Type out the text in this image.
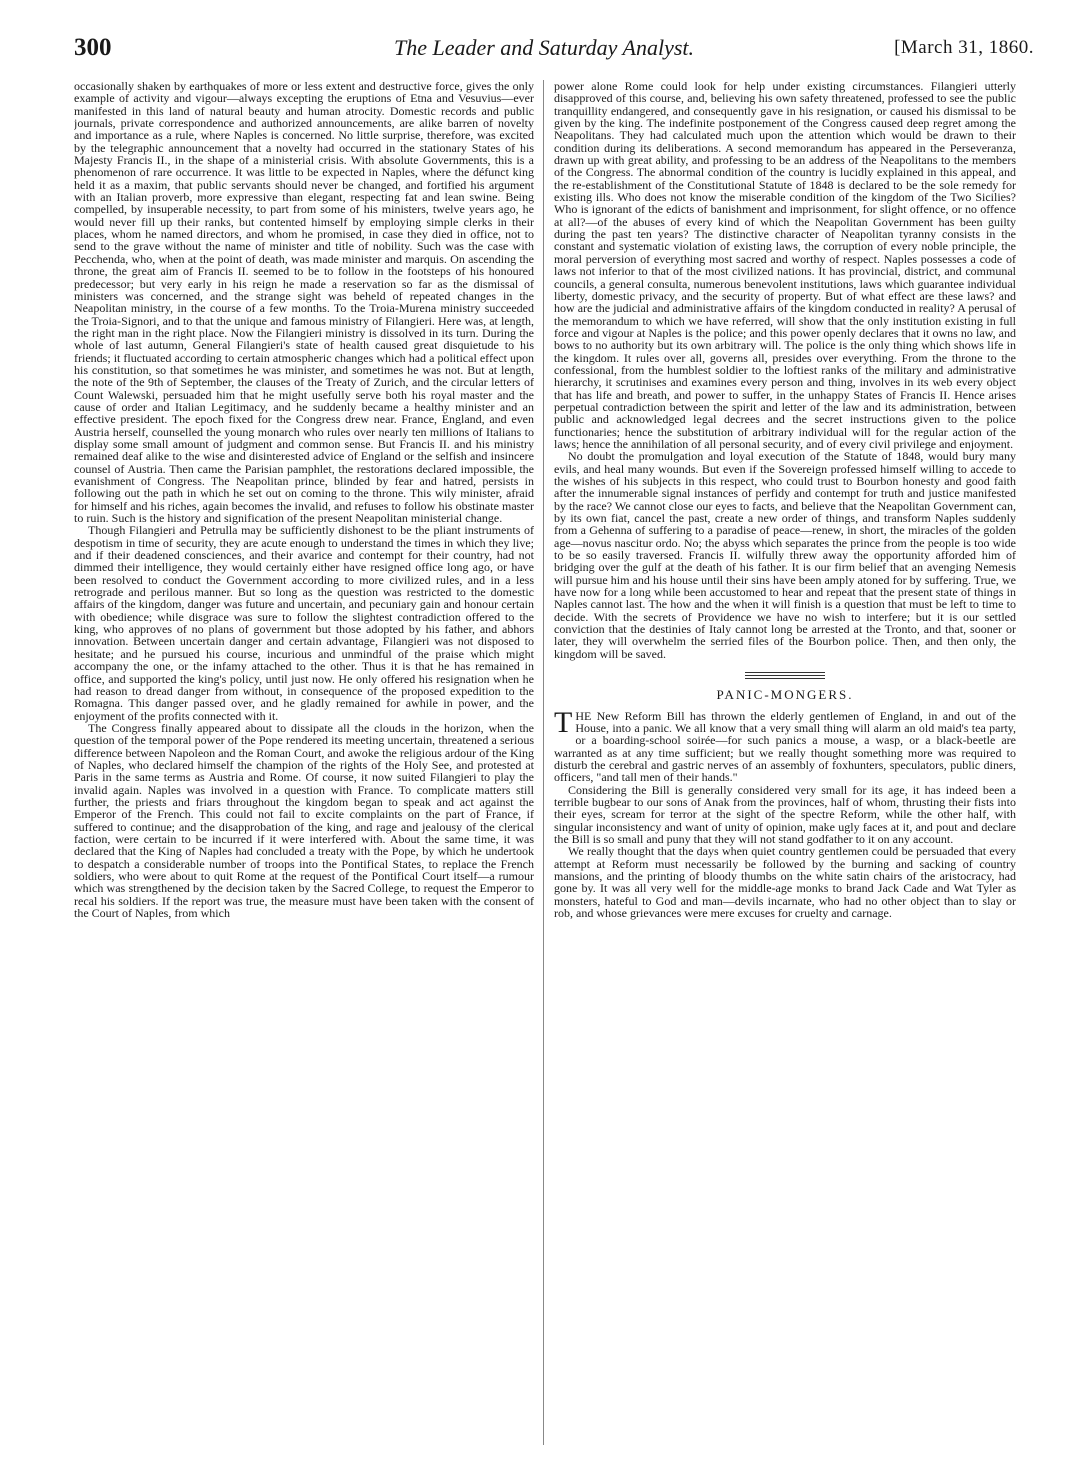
300	The Leader and Saturday Analyst.	[March 31, 1860.

occasionally shaken by earthquakes of more or less extent and destructive force, gives the only example of activity and vigour—always excepting the eruptions of Etna and Vesuvius—ever manifested in this land of natural beauty and human atrocity. Domestic records and public journals, private correspondence and authorized announcements, are alike barren of novelty and importance as a rule, where Naples is concerned. No little surprise, therefore, was excited by the telegraphic announcement that a novelty had occurred in the stationary States of his Majesty Francis II., in the shape of a ministerial crisis. With absolute Governments, this is a phenomenon of rare occurrence. It was little to be expected in Naples, where the défunct king held it as a maxim, that public servants should never be changed, and fortified his argument with an Italian proverb, more expressive than elegant, respecting fat and lean swine. Being compelled, by insuperable necessity, to part from some of his ministers, twelve years ago, he would never fill up their ranks, but contented himself by employing simple clerks in their places, whom he named directors, and whom he promised, in case they died in office, not to send to the grave without the name of minister and title of nobility. Such was the case with Pecchenda, who, when at the point of death, was made minister and marquis. On ascending the throne, the great aim of Francis II. seemed to be to follow in the footsteps of his honoured predecessor; but very early in his reign he made a reservation so far as the dismissal of ministers was concerned, and the strange sight was beheld of repeated changes in the Neapolitan ministry, in the course of a few months. To the Troia-Murena ministry succeeded the Troia-Signori, and to that the unique and famous ministry of Filangieri. Here was, at length, the right man in the right place. Now the Filangieri ministry is dissolved in its turn. During the whole of last autumn, General Filangieri's state of health caused great disquietude to his friends; it fluctuated according to certain atmospheric changes which had a political effect upon his constitution, so that sometimes he was minister, and sometimes he was not. But at length, the note of the 9th of September, the clauses of the Treaty of Zurich, and the circular letters of Count Walewski, persuaded him that he might usefully serve both his royal master and the cause of order and Italian Legitimacy, and he suddenly became a healthy minister and an effective president. The epoch fixed for the Congress drew near. France, England, and even Austria herself, counselled the young monarch who rules over nearly ten millions of Italians to display some small amount of judgment and common sense. But Francis II. and his ministry remained deaf alike to the wise and disinterested advice of England or the selfish and insincere counsel of Austria. Then came the Parisian pamphlet, the restorations declared impossible, the evanishment of Congress. The Neapolitan prince, blinded by fear and hatred, persists in following out the path in which he set out on coming to the throne. This wily minister, afraid for himself and his riches, again becomes the invalid, and refuses to follow his obstinate master to ruin. Such is the history and signification of the present Neapolitan ministerial change.

Though Filangieri and Petrulla may be sufficiently dishonest to be the pliant instruments of despotism in time of security, they are acute enough to understand the times in which they live; and if their deadened consciences, and their avarice and contempt for their country, had not dimmed their intelligence, they would certainly either have resigned office long ago, or have been resolved to conduct the Government according to more civilized rules, and in a less retrograde and perilous manner. But so long as the question was restricted to the domestic affairs of the kingdom, danger was future and uncertain, and pecuniary gain and honour certain with obedience; while disgrace was sure to follow the slightest contradiction offered to the king, who approves of no plans of government but those adopted by his father, and abhors innovation. Between uncertain danger and certain advantage, Filangieri was not disposed to hesitate; and he pursued his course, incurious and unmindful of the praise which might accompany the one, or the infamy attached to the other. Thus it is that he has remained in office, and supported the king's policy, until just now. He only offered his resignation when he had reason to dread danger from without, in consequence of the proposed expedition to the Romagna. This danger passed over, and he gladly remained for awhile in power, and the enjoyment of the profits connected with it.

The Congress finally appeared about to dissipate all the clouds in the horizon, when the question of the temporal power of the Pope rendered its meeting uncertain, threatened a serious difference between Napoleon and the Roman Court, and awoke the religious ardour of the King of Naples, who declared himself the champion of the rights of the Holy See, and protested at Paris in the same terms as Austria and Rome. Of course, it now suited Filangieri to play the invalid again. Naples was involved in a question with France. To complicate matters still further, the priests and friars throughout the kingdom began to speak and act against the Emperor of the French. This could not fail to excite complaints on the part of France, if suffered to continue; and the disapprobation of the king, and rage and jealousy of the clerical faction, were certain to be incurred if it were interfered with. About the same time, it was declared that the King of Naples had concluded a treaty with the Pope, by which he undertook to despatch a considerable number of troops into the Pontifical States, to replace the French soldiers, who were about to quit Rome at the request of the Pontifical Court itself—a rumour which was strengthened by the decision taken by the Sacred College, to request the Emperor to recal his soldiers. If the report was true, the measure must have been taken with the consent of the Court of Naples, from which

power alone Rome could look for help under existing circumstances. Filangieri utterly disapproved of this course, and, believing his own safety threatened, professed to see the public tranquillity endangered, and consequently gave in his resignation, or caused his dismissal to be given by the king. The indefinite postponement of the Congress caused deep regret among the Neapolitans. They had calculated much upon the attention which would be drawn to their condition during its deliberations. A second memorandum has appeared in the Perseveranza, drawn up with great ability, and professing to be an address of the Neapolitans to the members of the Congress. The abnormal condition of the country is lucidly explained in this appeal, and the re-establishment of the Constitutional Statute of 1848 is declared to be the sole remedy for existing ills. Who does not know the miserable condition of the kingdom of the Two Sicilies? Who is ignorant of the edicts of banishment and imprisonment, for slight offence, or no offence at all?—of the abuses of every kind of which the Neapolitan Government has been guilty during the past ten years? The distinctive character of Neapolitan tyranny consists in the constant and systematic violation of existing laws, the corruption of every noble principle, the moral perversion of everything most sacred and worthy of respect. Naples possesses a code of laws not inferior to that of the most civilized nations. It has provincial, district, and communal councils, a general consulta, numerous benevolent institutions, laws which guarantee individual liberty, domestic privacy, and the security of property. But of what effect are these laws? and how are the judicial and administrative affairs of the kingdom conducted in reality? A perusal of the memorandum to which we have referred, will show that the only institution existing in full force and vigour at Naples is the police; and this power openly declares that it owns no law, and bows to no authority but its own arbitrary will. The police is the only thing which shows life in the kingdom. It rules over all, governs all, presides over everything. From the throne to the confessional, from the humblest soldier to the loftiest ranks of the military and administrative hierarchy, it scrutinises and examines every person and thing, involves in its web every object that has life and breath, and power to suffer, in the unhappy States of Francis II. Hence arises perpetual contradiction between the spirit and letter of the law and its administration, between public and acknowledged legal decrees and the secret instructions given to the police functionaries; hence the substitution of arbitrary individual will for the regular action of the laws; hence the annihilation of all personal security, and of every civil privilege and enjoyment.

No doubt the promulgation and loyal execution of the Statute of 1848, would bury many evils, and heal many wounds. But even if the Sovereign professed himself willing to accede to the wishes of his subjects in this respect, who could trust to Bourbon honesty and good faith after the innumerable signal instances of perfidy and contempt for truth and justice manifested by the race? We cannot close our eyes to facts, and believe that the Neapolitan Government can, by its own fiat, cancel the past, create a new order of things, and transform Naples suddenly from a Gehenna of suffering to a paradise of peace—renew, in short, the miracles of the golden age—novus nascitur ordo. No; the abyss which separates the prince from the people is too wide to be so easily traversed. Francis II. wilfully threw away the opportunity afforded him of bridging over the gulf at the death of his father. It is our firm belief that an avenging Nemesis will pursue him and his house until their sins have been amply atoned for by suffering. True, we have now for a long while been accustomed to hear and repeat that the present state of things in Naples cannot last. The how and the when it will finish is a question that must be left to time to decide. With the secrets of Providence we have no wish to interfere; but it is our settled conviction that the destinies of Italy cannot long be arrested at the Tronto, and that, sooner or later, they will overwhelm the serried files of the Bourbon police. Then, and then only, the kingdom will be saved.

PANIC-MONGERS.

THE New Reform Bill has thrown the elderly gentlemen of England, in and out of the House, into a panic. We all know that a very small thing will alarm an old maid's tea party, or a boarding-school soirée—for such panics a mouse, a wasp, or a black-beetle are warranted as at any time sufficient; but we really thought something more was required to disturb the cerebral and gastric nerves of an assembly of foxhunters, speculators, public diners, officers, "and tall men of their hands."

Considering the Bill is generally considered very small for its age, it has indeed been a terrible bugbear to our sons of Anak from the provinces, half of whom, thrusting their fists into their eyes, scream for terror at the sight of the spectre Reform, while the other half, with singular inconsistency and want of unity of opinion, make ugly faces at it, and pout and declare the Bill is so small and puny that they will not stand godfather to it on any account.

We really thought that the days when quiet country gentlemen could be persuaded that every attempt at Reform must necessarily be followed by the burning and sacking of country mansions, and the printing of bloody thumbs on the white satin chairs of the aristocracy, had gone by. It was all very well for the middle-age monks to brand Jack Cade and Wat Tyler as monsters, hateful to God and man—devils incarnate, who had no other object than to slay or rob, and whose grievances were mere excuses for cruelty and carnage.
